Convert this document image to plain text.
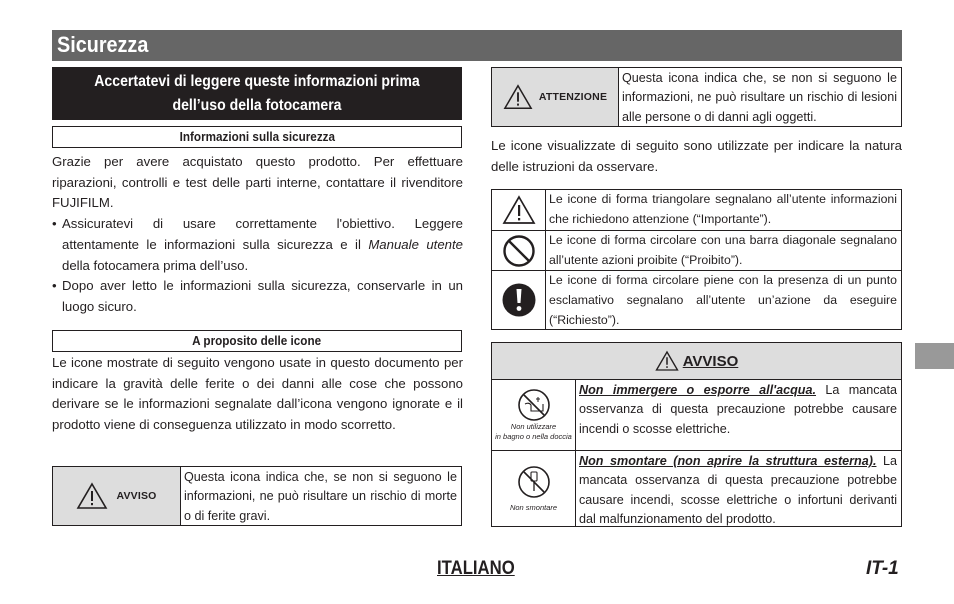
Sicurezza
Accertatevi di leggere queste informazioni prima
dell’uso della fotocamera
Informazioni sulla sicurezza
Grazie per avere acquistato questo prodotto. Per effettuare riparazioni, controlli e test delle parti interne, contattare il rivenditore FUJIFILM.
• Assicuratevi di usare correttamente l'obiettivo. Leggere attentamente le informazioni sulla sicurezza e il Manuale utente della fotocamera prima dell’uso.
• Dopo aver letto le informazioni sulla sicurezza, conservarle in un luogo sicuro.
A proposito delle icone
Le icone mostrate di seguito vengono usate in questo documento per indicare la gravità delle ferite o dei danni alle cose che possono derivare se le informazioni segnalate dall’icona vengono ignorate e il prodotto viene di conseguenza utilizzato in modo scorretto.
AVVISO
Questa icona indica che, se non si seguono le informazioni, ne può risultare un rischio di morte o di ferite gravi.
ATTENZIONE
Questa icona indica che, se non si seguono le informazioni, ne può risultare un rischio di lesioni alle persone o di danni agli oggetti.
Le icone visualizzate di seguito sono utilizzate per indicare la natura delle istruzioni da osservare.
Le icone di forma triangolare segnalano all’utente informazioni che richiedono attenzione (“Importante”).
Le icone di forma circolare con una barra diagonale segnalano all’utente azioni proibite (“Proibito”).
Le icone di forma circolare piene con la presenza di un punto esclamativo segnalano all’utente un’azione da eseguire (“Richiesto”).
AVVISO
Non utilizzare
in bagno o nella doccia
Non immergere o esporre all'acqua. La mancata osservanza di questa precauzione potrebbe causare incendi o scosse elettriche.
Non smontare
Non smontare (non aprire la struttura esterna). La mancata osservanza di questa precauzione potrebbe causare incendi, scosse elettriche o infortuni derivanti dal malfunzionamento del prodotto.
ITALIANO	IT-1
